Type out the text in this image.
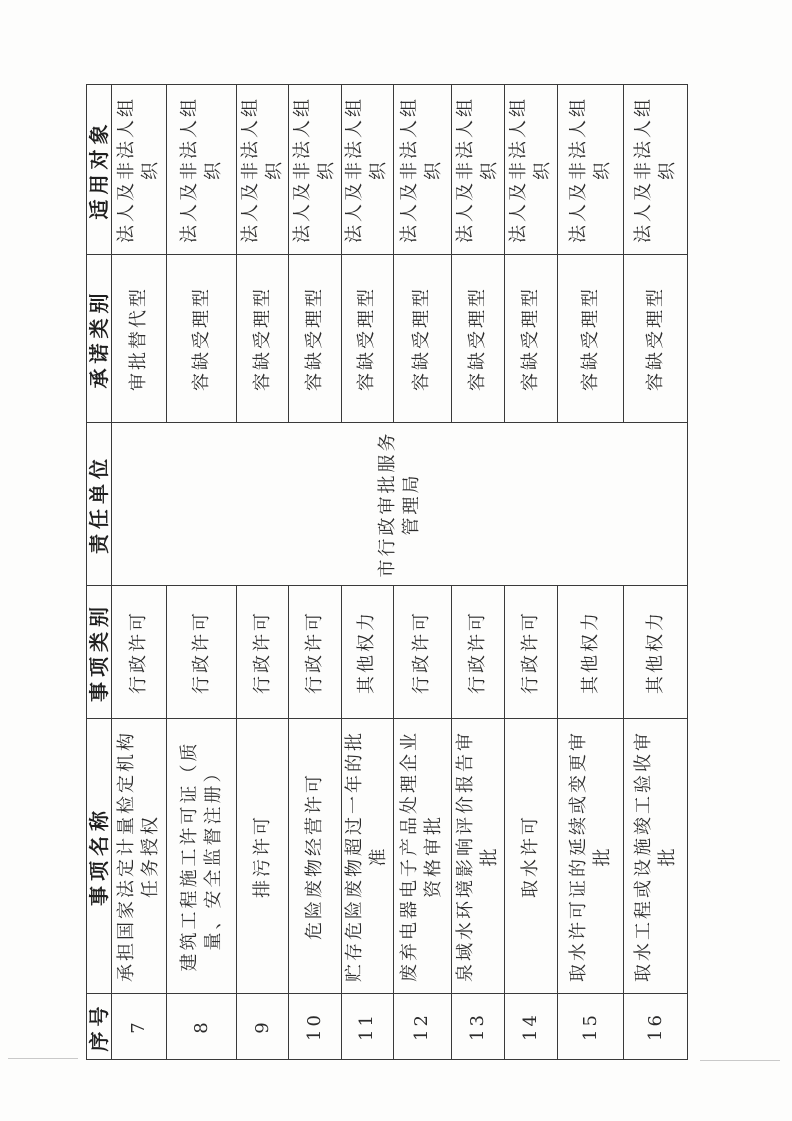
序号	事项名称	事项类别	责任单位	承诺类别	适用对象
7	承担国家法定计量检定机构任务授权	行政许可	市行政审批服务管理局	审批替代型	法人及非法人组织
8	建筑工程施工许可证（质量、安全监督注册）	行政许可		容缺受理型	法人及非法人组织
9	排污许可	行政许可		容缺受理型	法人及非法人组织
10	危险废物经营许可	行政许可		容缺受理型	法人及非法人组织
11	贮存危险废物超过一年的批准	其他权力		容缺受理型	法人及非法人组织
12	废弃电器电子产品处理企业资格审批	行政许可		容缺受理型	法人及非法人组织
13	泉域水环境影响评价报告审批	行政许可		容缺受理型	法人及非法人组织
14	取水许可	行政许可		容缺受理型	法人及非法人组织
15	取水许可证的延续或变更审批	其他权力		容缺受理型	法人及非法人组织
16	取水工程或设施竣工验收审批	其他权力		容缺受理型	法人及非法人组织
